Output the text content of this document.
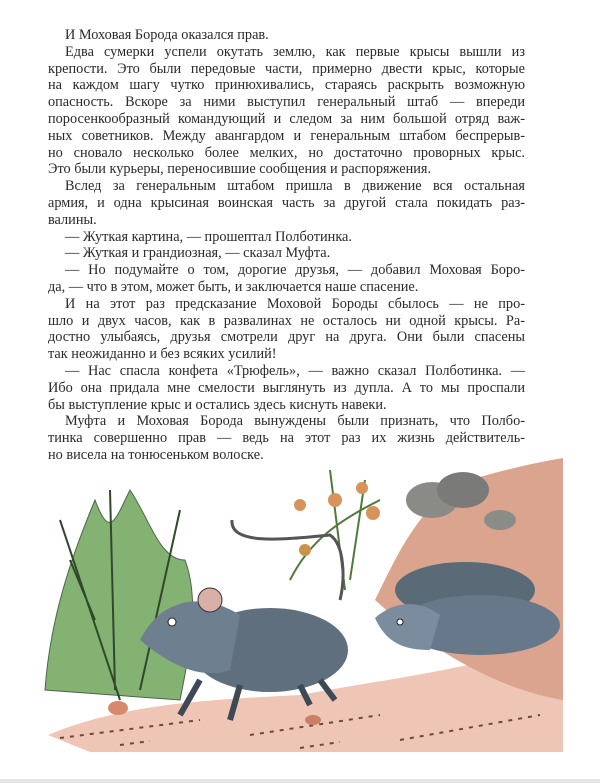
И Моховая Борода оказался прав.
Едва сумерки успели окутать землю, как первые крысы вышли из
крепости. Это были передовые части, примерно двести крыс, которые
на каждом шагу чутко принюхивались, стараясь раскрыть возможную
опасность. Вскоре за ними выступил генеральный штаб — впереди
поросенкообразный командующий и следом за ним большой отряд важ-
ных советников. Между авангардом и генеральным штабом беспрерыв-
но сновало несколько более мелких, но достаточно проворных крыс.
Это были курьеры, переносившие сообщения и распоряжения.
Вслед за генеральным штабом пришла в движение вся остальная
армия, и одна крысиная воинская часть за другой стала покидать раз-
валины.
— Жуткая картина, — прошептал Полботинка.
— Жуткая и грандиозная, — сказал Муфта.
— Но подумайте о том, дорогие друзья, — добавил Моховая Боро-
да, — что в этом, может быть, и заключается наше спасение.
И на этот раз предсказание Моховой Бороды сбылось — не про-
шло и двух часов, как в развалинах не осталось ни одной крысы. Ра-
достно улыбаясь, друзья смотрели друг на друга. Они были спасены
так неожиданно и без всяких усилий!
— Нас спасла конфета «Трюфель», — важно сказал Полботинка. —
Ибо она придала мне смелости выглянуть из дупла. А то мы проспали
бы выступление крыс и остались здесь киснуть навеки.
Муфта и Моховая Борода вынуждены были признать, что Полбо-
тинка совершенно прав — ведь на этот раз их жизнь действитель-
но висела на тонюсеньком волоске.
